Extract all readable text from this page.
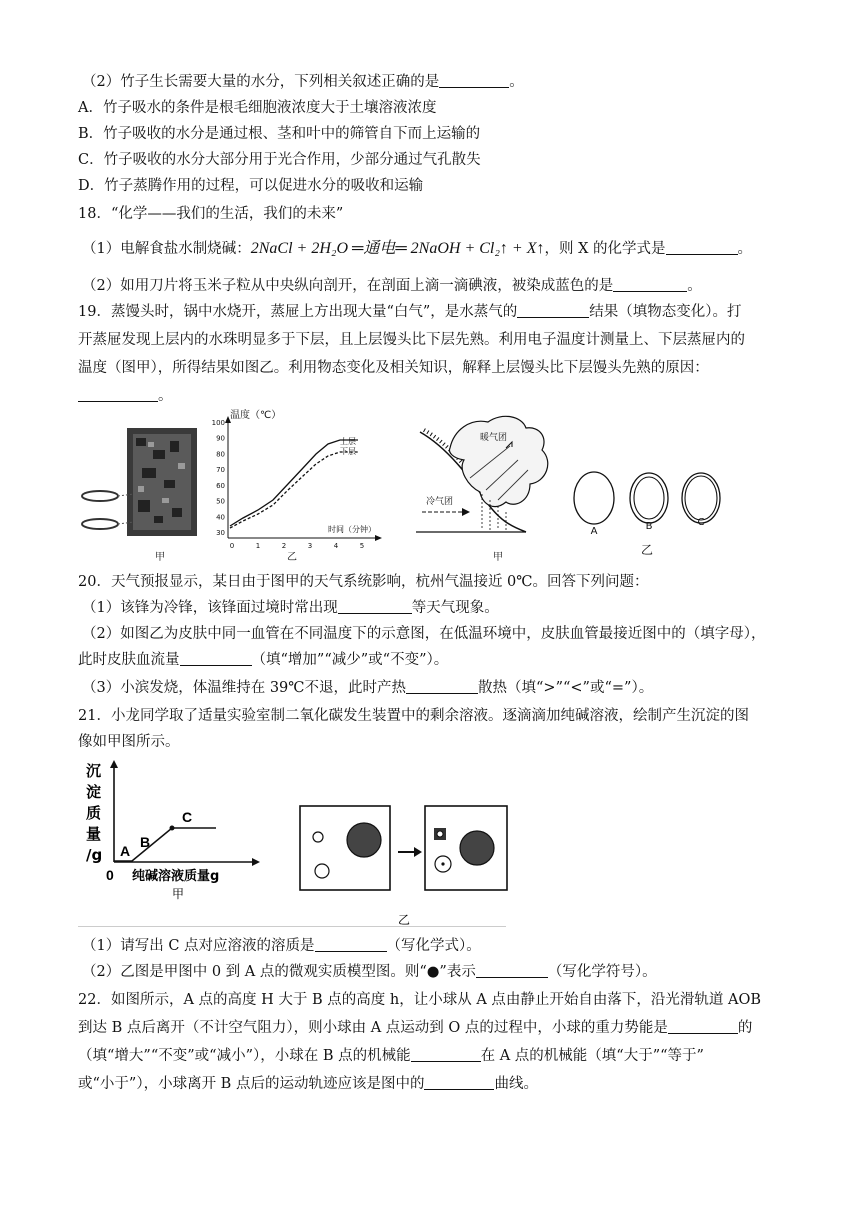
（2）竹子生长需要大量的水分，下列相关叙述正确的是	。
A．竹子吸水的条件是根毛细胞液浓度大于土壤溶液浓度
B．竹子吸收的水分是通过根、茎和叶中的筛管自下而上运输的
C．竹子吸收的水分大部分用于光合作用，少部分通过气孔散失
D．竹子蒸腾作用的过程，可以促进水分的吸收和运输
18．“化学——我们的生活，我们的未来”
（1）电解食盐水制烧碱：2NaCl + 2H₂O ═通电═ 2NaOH + Cl₂↑ + X↑，则 X 的化学式是	。
（2）如用刀片将玉米子粒从中央纵向剖开，在剖面上滴一滴碘液，被染成蓝色的是	。
19．蒸馒头时，锅中水烧开，蒸屉上方出现大量“白气”，是水蒸气的	结果（填物态变化）。打
开蒸屉发现上层内的水珠明显多于下层，且上层馒头比下层先熟。利用电子温度计测量上、下层蒸屉内的
温度（图甲），所得结果如图乙。利用物态变化及相关知识，解释上层馒头比下层馒头先熟的原因：
。
甲
温度（℃）
时间（分钟）
100
90
80
70
60
50
40
30
0	1	2	3	4	5
上层
下层
乙
暖气团
冷气团
甲
A	B	C
乙
20．天气预报显示，某日由于图甲的天气系统影响，杭州气温接近 0℃。回答下列问题：
（1）该锋为冷锋，该锋面过境时常出现	等天气现象。
（2）如图乙为皮肤中同一血管在不同温度下的示意图，在低温环境中，皮肤血管最接近图中的（填字母），
此时皮肤血流量	（填“增加”“减少”或“不变”）。
（3）小滨发烧，体温维持在 39℃不退，此时产热	散热（填“>”“<”或“=”）。
21．小龙同学取了适量实验室制二氧化碳发生装置中的剩余溶液。逐滴滴加纯碱溶液，绘制产生沉淀的图
像如甲图所示。
沉
淀
质
量
/g A
B
C
0 纯碱溶液质量g
甲
乙
（1）请写出 C 点对应溶液的溶质是	（写化学式）。
（2）乙图是甲图中 0 到 A 点的微观实质模型图。则“●”表示	（写化学符号）。
22．如图所示，A 点的高度 H 大于 B 点的高度 h，让小球从 A 点由静止开始自由落下，沿光滑轨道 AOB
到达 B 点后离开（不计空气阻力），则小球由 A 点运动到 O 点的过程中，小球的重力势能是	的
（填“增大”“不变”或“减小”），小球在 B 点的机械能	在 A 点的机械能（填“大于”“等于”
或“小于”），小球离开 B 点后的运动轨迹应该是图中的	曲线。
